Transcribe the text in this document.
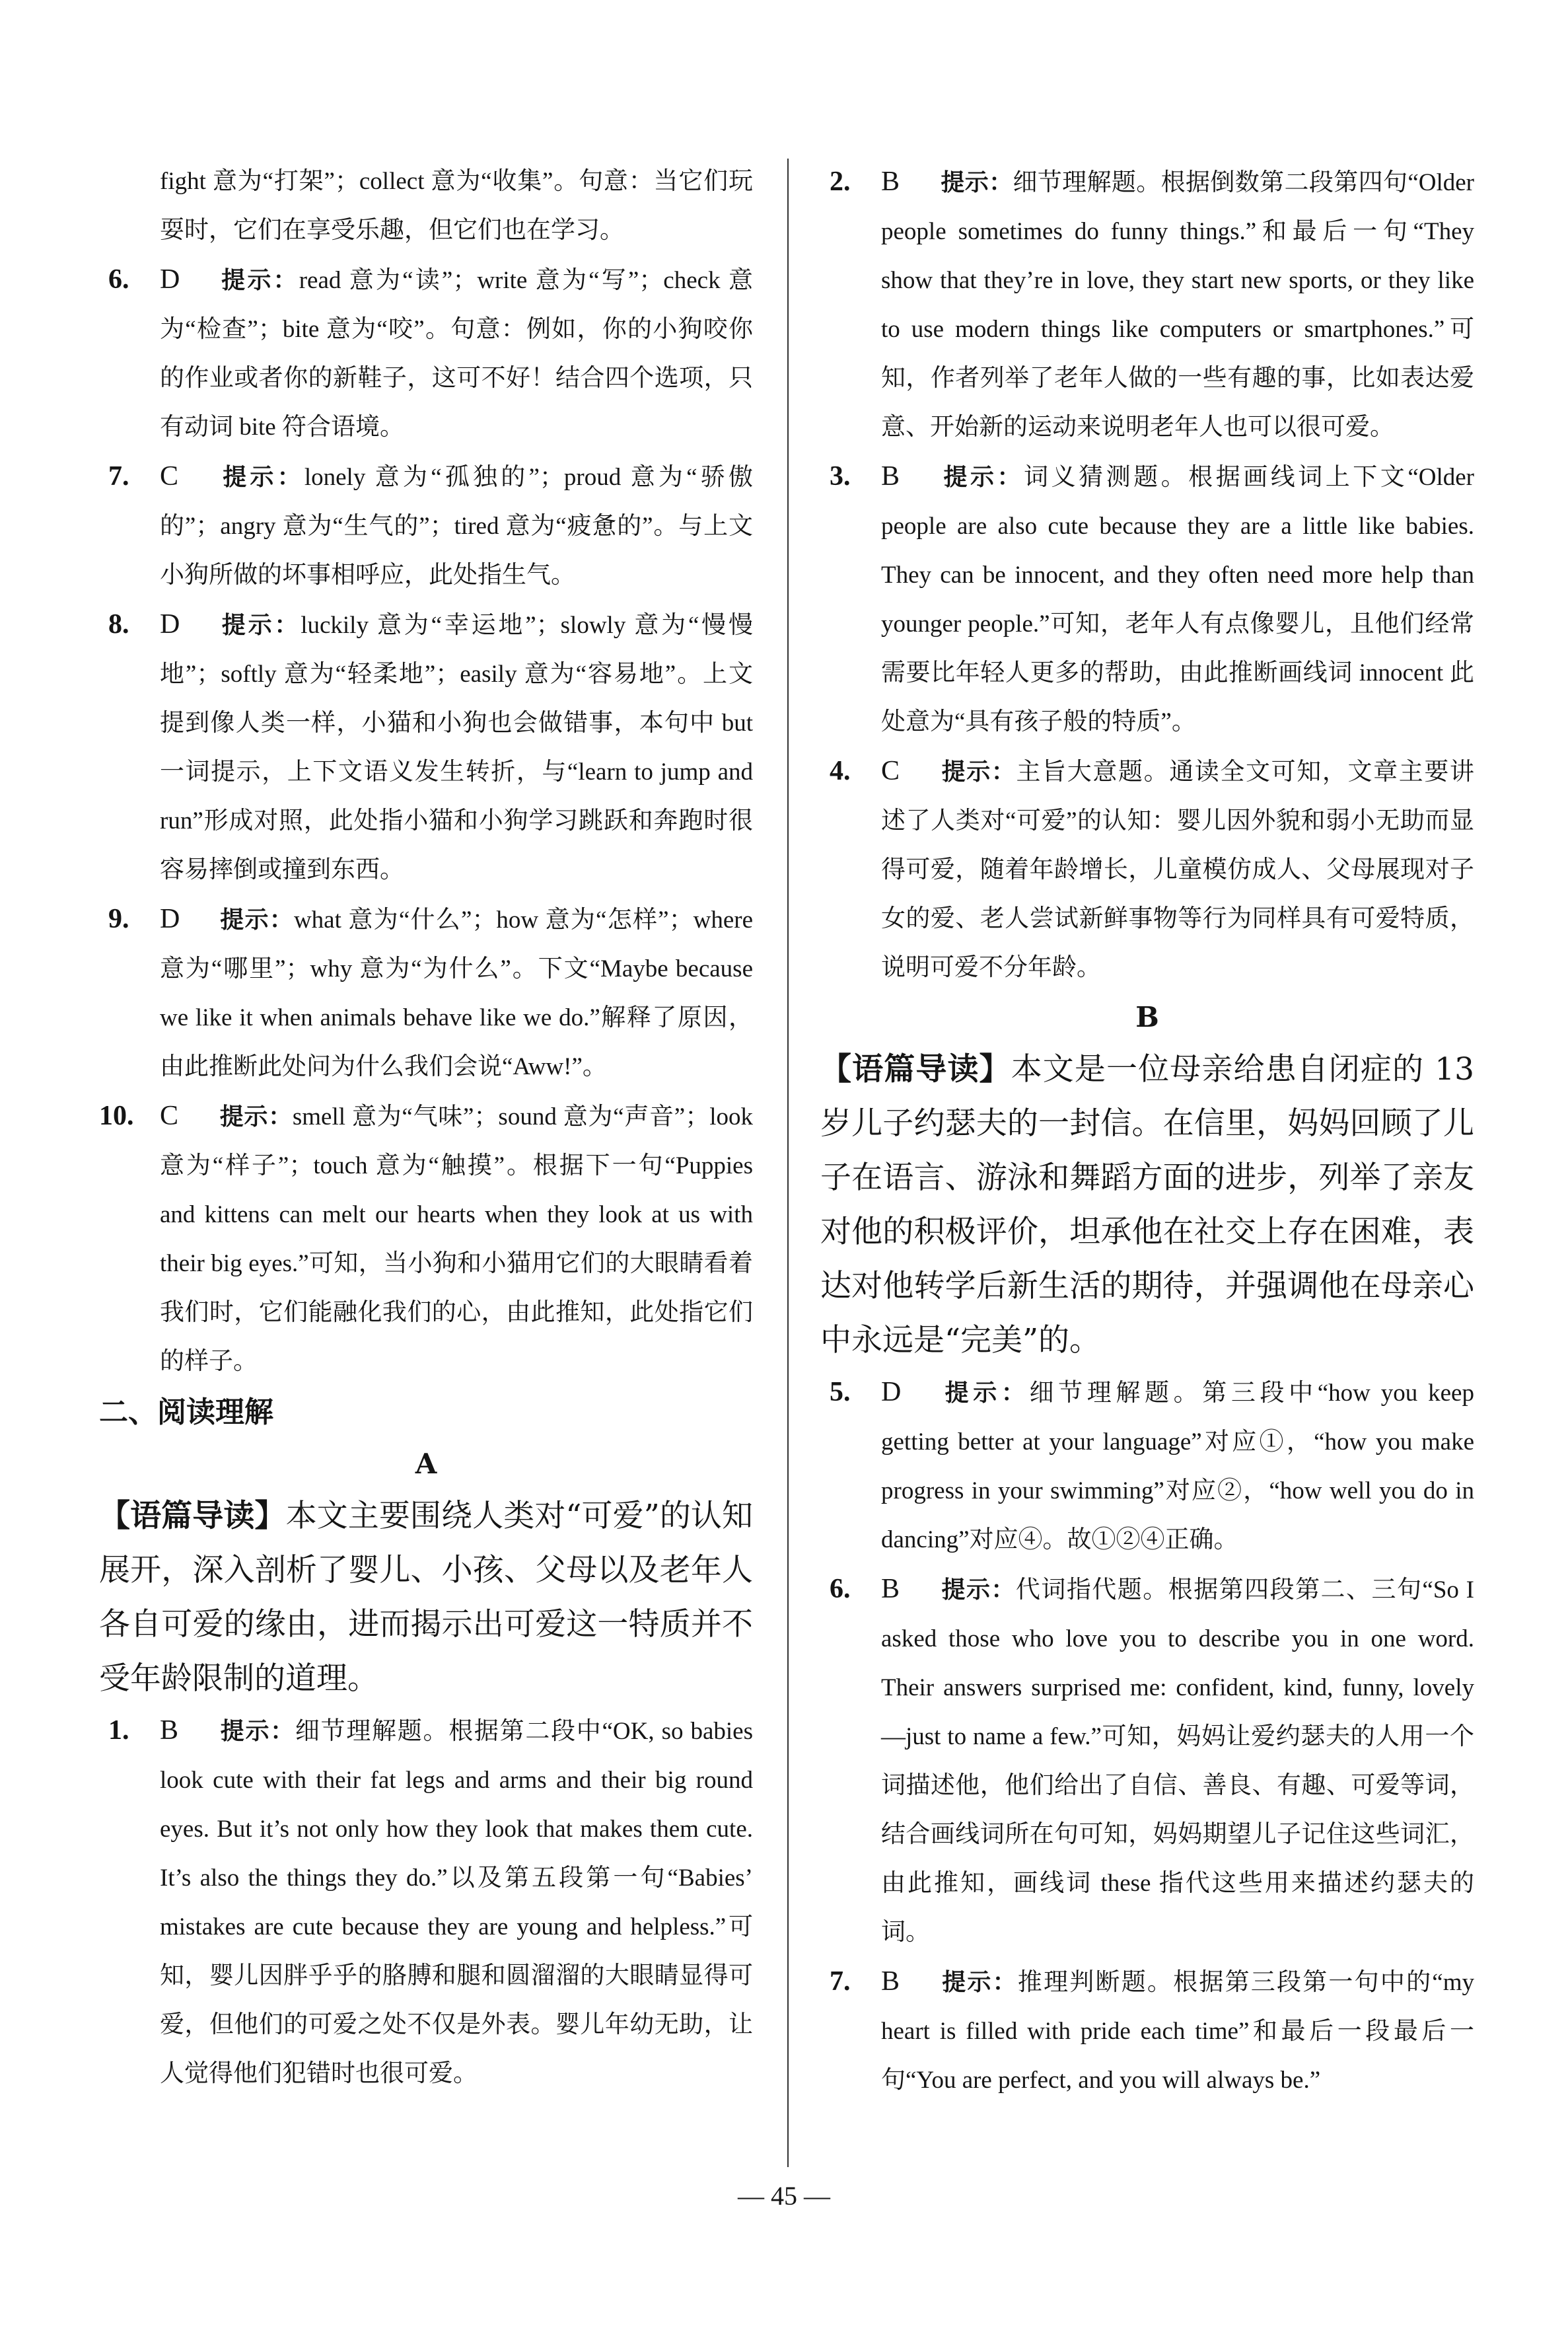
fight 意为“打架”；collect 意为“收集”。句意：当它们玩耍时，它们在享受乐趣，但它们也在学习。
6. D 提示：read 意为“读”；write 意为“写”；check 意为“检查”；bite 意为“咬”。句意：例如，你的小狗咬你的作业或者你的新鞋子，这可不好！结合四个选项，只有动词 bite 符合语境。
7. C 提示：lonely 意为“孤独的”；proud 意为“骄傲的”；angry 意为“生气的”；tired 意为“疲惫的”。与上文小狗所做的坏事相呼应，此处指生气。
8. D 提示：luckily 意为“幸运地”；slowly 意为“慢慢地”；softly 意为“轻柔地”；easily 意为“容易地”。上文提到像人类一样，小猫和小狗也会做错事，本句中 but 一词提示，上下文语义发生转折，与“learn to jump and run”形成对照，此处指小猫和小狗学习跳跃和奔跑时很容易摔倒或撞到东西。
9. D 提示：what 意为“什么”；how 意为“怎样”；where 意为“哪里”；why 意为“为什么”。下文“Maybe because we like it when animals behave like we do.”解释了原因，由此推断此处问为什么我们会说“Aww!”。
10. C 提示：smell 意为“气味”；sound 意为“声音”；look 意为“样子”；touch 意为“触摸”。根据下一句“Puppies and kittens can melt our hearts when they look at us with their big eyes.”可知，当小狗和小猫用它们的大眼睛看着我们时，它们能融化我们的心，由此推知，此处指它们的样子。
二、阅读理解
A
【语篇导读】本文主要围绕人类对“可爱”的认知展开，深入剖析了婴儿、小孩、父母以及老年人各自可爱的缘由，进而揭示出可爱这一特质并不受年龄限制的道理。
1. B 提示：细节理解题。根据第二段中“OK, so babies look cute with their fat legs and arms and their big round eyes. But it’s not only how they look that makes them cute. It’s also the things they do.”以及第五段第一句“Babies’ mistakes are cute because they are young and helpless.”可知，婴儿因胖乎乎的胳膊和腿和圆溜溜的大眼睛显得可爱，但他们的可爱之处不仅是外表。婴儿年幼无助，让人觉得他们犯错时也很可爱。
2. B 提示：细节理解题。根据倒数第二段第四句“Older people sometimes do funny things.”和最后一句“They show that they’re in love, they start new sports, or they like to use modern things like computers or smartphones.”可知，作者列举了老年人做的一些有趣的事，比如表达爱意、开始新的运动来说明老年人也可以很可爱。
3. B 提示：词义猜测题。根据画线词上下文“Older people are also cute because they are a little like babies. They can be innocent, and they often need more help than younger people.”可知，老年人有点像婴儿，且他们经常需要比年轻人更多的帮助，由此推断画线词 innocent 此处意为“具有孩子般的特质”。
4. C 提示：主旨大意题。通读全文可知，文章主要讲述了人类对“可爱”的认知：婴儿因外貌和弱小无助而显得可爱，随着年龄增长，儿童模仿成人、父母展现对子女的爱、老人尝试新鲜事物等行为同样具有可爱特质，说明可爱不分年龄。
B
【语篇导读】本文是一位母亲给患自闭症的 13 岁儿子约瑟夫的一封信。在信里，妈妈回顾了儿子在语言、游泳和舞蹈方面的进步，列举了亲友对他的积极评价，坦承他在社交上存在困难，表达对他转学后新生活的期待，并强调他在母亲心中永远是“完美”的。
5. D 提示：细节理解题。第三段中“how you keep getting better at your language”对应①，“how you make progress in your swimming”对应②，“how well you do in dancing”对应④。故①②④正确。
6. B 提示：代词指代题。根据第四段第二、三句“So I asked those who love you to describe you in one word. Their answers surprised me: confident, kind, funny, lovely—just to name a few.”可知，妈妈让爱约瑟夫的人用一个词描述他，他们给出了自信、善良、有趣、可爱等词，结合画线词所在句可知，妈妈期望儿子记住这些词汇，由此推知，画线词 these 指代这些用来描述约瑟夫的词。
7. B 提示：推理判断题。根据第三段第一句中的“my heart is filled with pride each time”和最后一段最后一句“You are perfect, and you will always be.”
— 45 —
